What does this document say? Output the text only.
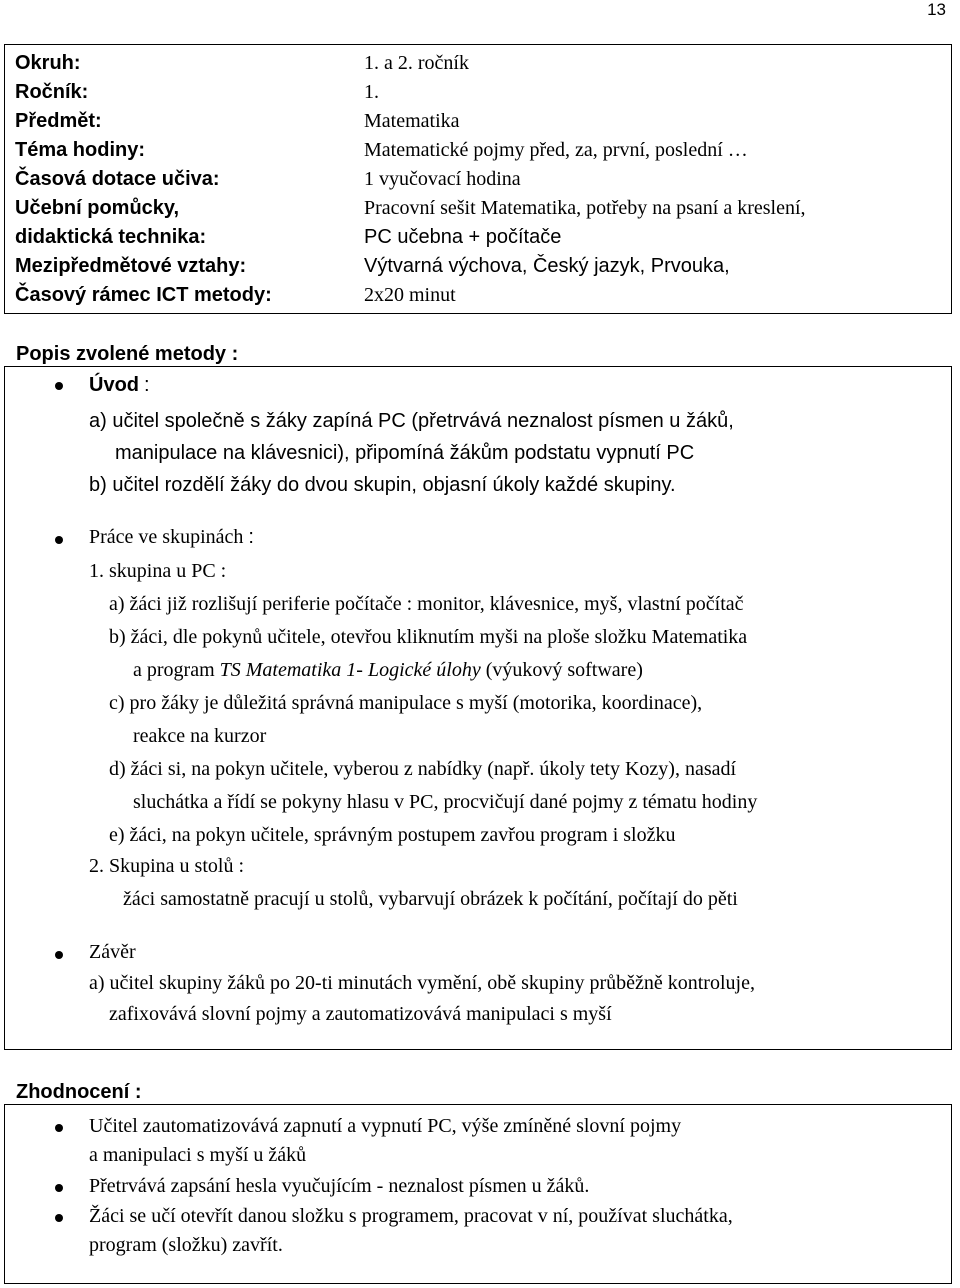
13
Okruh:	1. a 2. ročník
Ročník:	1.
Předmět:	Matematika
Téma hodiny:	Matematické pojmy před, za, první, poslední …
Časová dotace učiva:	1 vyučovací hodina
Učební pomůcky,	Pracovní sešit Matematika, potřeby na psaní a kreslení,
didaktická technika:	PC učebna + počítače
Mezipředmětové vztahy:	Výtvarná výchova, Český jazyk, Prvouka,
Časový rámec ICT metody:	2x20 minut
Popis zvolené metody :
Úvod :
a) učitel společně s žáky zapíná PC (přetrvává neznalost písmen u žáků,
manipulace na klávesnici), připomíná žákům podstatu vypnutí PC
b) učitel rozdělí žáky do dvou skupin, objasní úkoly každé skupiny.
Práce ve skupinách :
1. skupina u PC :
a) žáci již rozlišují periferie počítače : monitor, klávesnice, myš, vlastní počítač
b) žáci, dle pokynů učitele, otevřou kliknutím myši na ploše složku Matematika
a program TS Matematika 1- Logické úlohy (výukový software)
c) pro žáky je důležitá správná manipulace s myší (motorika, koordinace),
reakce na kurzor
d) žáci si, na pokyn učitele, vyberou z nabídky (např. úkoly tety Kozy), nasadí
sluchátka a řídí se pokyny hlasu v PC, procvičují dané pojmy z tématu hodiny
e) žáci, na pokyn učitele, správným postupem zavřou program i složku
2. Skupina u stolů :
žáci samostatně pracují u stolů, vybarvují obrázek k počítání, počítají do pěti
Závěr
a) učitel skupiny žáků po 20-ti minutách vymění, obě skupiny průběžně kontroluje,
zafixovává slovní pojmy a zautomatizovává manipulaci s myší
Zhodnocení :
Učitel zautomatizovává zapnutí a vypnutí PC, výše zmíněné slovní pojmy
a manipulaci s myší u žáků
Přetrvává zapsání hesla vyučujícím - neznalost písmen u žáků.
Žáci se učí otevřít danou složku s programem, pracovat v ní, používat sluchátka,
program (složku) zavřít.
